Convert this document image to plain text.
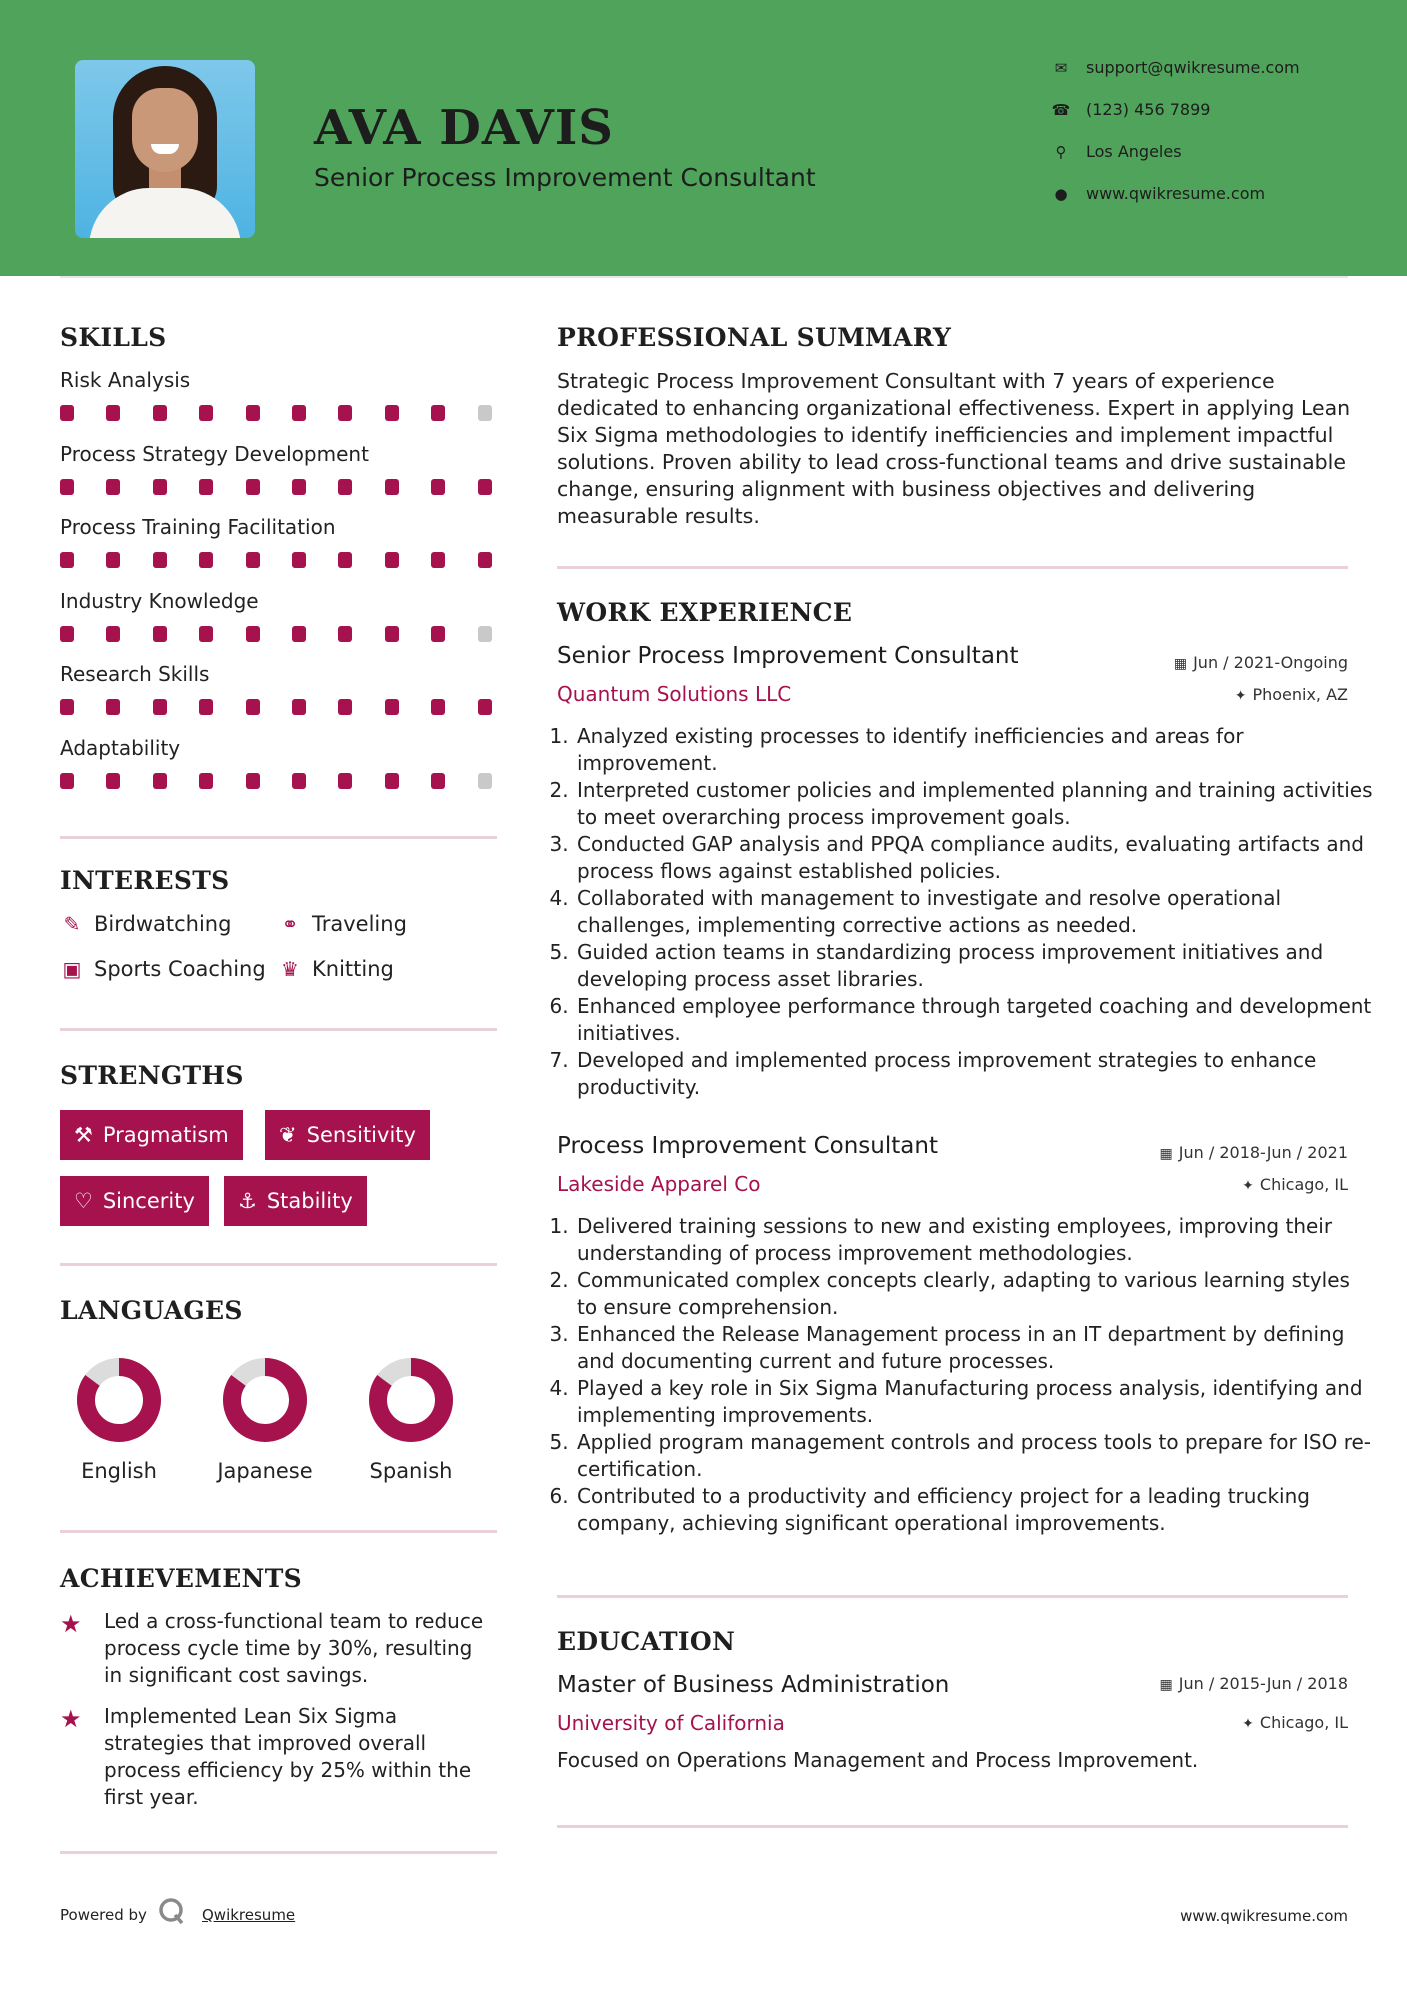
AVA DAVIS
Senior Process Improvement Consultant
✉ support@qwikresume.com
☎ (123) 456 7899
⚲ Los Angeles
● www.qwikresume.com
SKILLS
Risk Analysis
Process Strategy Development
Process Training Facilitation
Industry Knowledge
Research Skills
Adaptability
INTERESTS
✎ Birdwatching	⚭ Traveling
▣ Sports Coaching ♛ Knitting
STRENGTHS
⚒ Pragmatism	❦ Sensitivity
♡ Sincerity	⚓ Stability
LANGUAGES
English	Japanese	Spanish
ACHIEVEMENTS
★ Led a cross-functional team to reduce process cycle time by 30%, resulting in significant cost savings.
★ Implemented Lean Six Sigma strategies that improved overall process efficiency by 25% within the first year.
PROFESSIONAL SUMMARY

Strategic Process Improvement Consultant with 7 years of experience dedicated to enhancing organizational effectiveness. Expert in applying Lean Six Sigma methodologies to identify inefficiencies and implement impactful solutions. Proven ability to lead cross-functional teams and drive sustainable change, ensuring alignment with business objectives and delivering measurable results.

WORK EXPERIENCE
Senior Process Improvement Consultant	▦ Jun / 2021-Ongoing
Quantum Solutions LLC	✦ Phoenix, AZ
1. Analyzed existing processes to identify inefficiencies and areas for improvement.
2. Interpreted customer policies and implemented planning and training activities to meet overarching process improvement goals.
3. Conducted GAP analysis and PPQA compliance audits, evaluating artifacts and process flows against established policies.
4. Collaborated with management to investigate and resolve operational challenges, implementing corrective actions as needed.
5. Guided action teams in standardizing process improvement initiatives and developing process asset libraries.
6. Enhanced employee performance through targeted coaching and development initiatives.
7. Developed and implemented process improvement strategies to enhance productivity.
Process Improvement Consultant	▦ Jun / 2018-Jun / 2021
Lakeside Apparel Co	✦ Chicago, IL
1. Delivered training sessions to new and existing employees, improving their understanding of process improvement methodologies.
2. Communicated complex concepts clearly, adapting to various learning styles to ensure comprehension.
3. Enhanced the Release Management process in an IT department by defining and documenting current and future processes.
4. Played a key role in Six Sigma Manufacturing process analysis, identifying and implementing improvements.
5. Applied program management controls and process tools to prepare for ISO re-certification.
6. Contributed to a productivity and efficiency project for a leading trucking company, achieving significant operational improvements.
EDUCATION
Master of Business Administration	▦ Jun / 2015-Jun / 2018
University of California	✦ Chicago, IL
Focused on Operations Management and Process Improvement.
Powered by	Qwikresume	www.qwikresume.com
